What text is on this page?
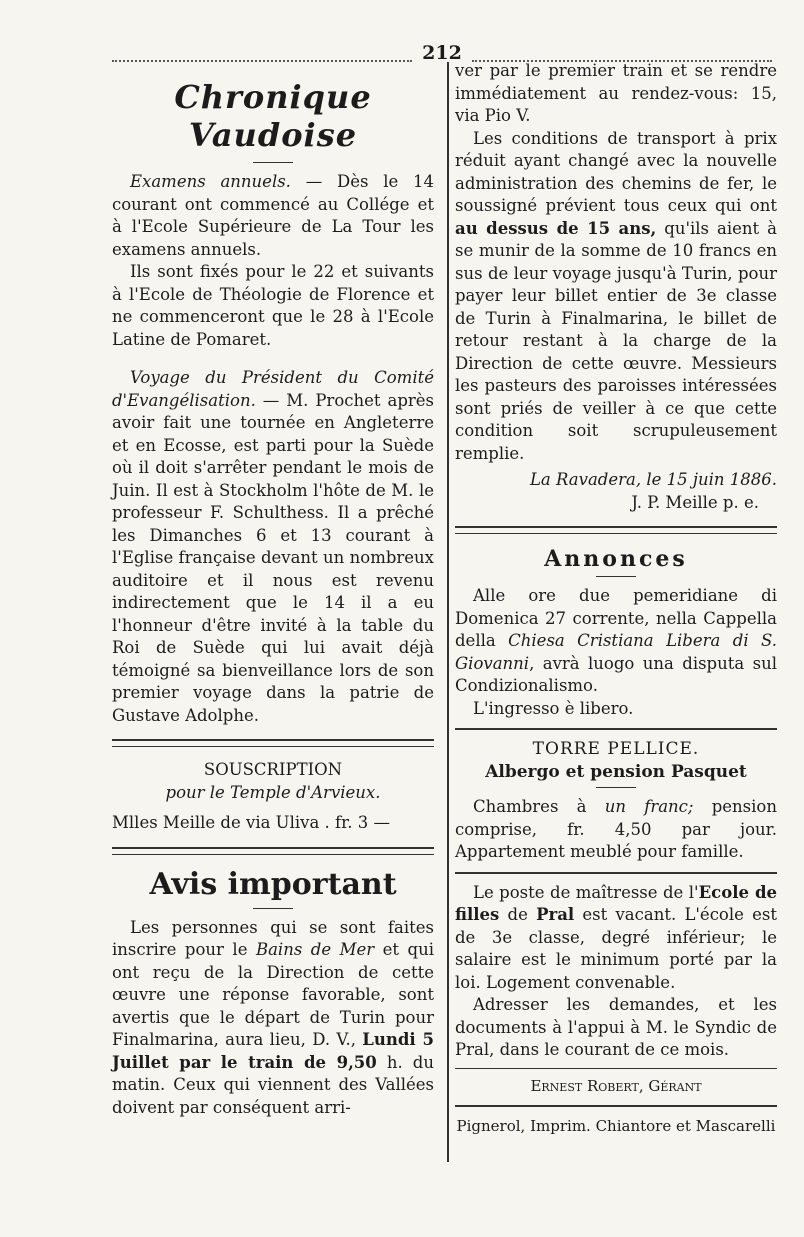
212
Chronique Vaudoise

Examens annuels. — Dès le 14 courant ont commencé au Collége et à l'Ecole Supérieure de La Tour les examens annuels.

Ils sont fixés pour le 22 et suivants à l'Ecole de Théologie de Florence et ne commenceront que le 28 à l'Ecole Latine de Pomaret.

Voyage du Président du Comité d'Evangélisation. — M. Prochet après avoir fait une tournée en Angleterre et en Ecosse, est parti pour la Suède où il doit s'arrêter pendant le mois de Juin. Il est à Stockholm l'hôte de M. le professeur F. Schulthess. Il a prêché les Dimanches 6 et 13 courant à l'Eglise française devant un nombreux auditoire et il nous est revenu indirectement que le 14 il a eu l'honneur d'être invité à la table du Roi de Suède qui lui avait déjà témoigné sa bienveillance lors de son premier voyage dans la patrie de Gustave Adolphe.

SOUSCRIPTION
pour le Temple d'Arvieux.
Mlles Meille de via Uliva . fr. 3 —
Avis important

Les personnes qui se sont faites inscrire pour le Bains de Mer et qui ont reçu de la Direction de cette œuvre une réponse favorable, sont avertis que le départ de Turin pour Finalmarina, aura lieu, D. V., Lundi 5 Juillet par le train de 9,50 h. du matin. Ceux qui viennent des Vallées doivent par conséquent arri-

ver par le premier train et se rendre immédiatement au rendez-vous: 15, via Pio V.

Les conditions de transport à prix réduit ayant changé avec la nouvelle administration des chemins de fer, le soussigné prévient tous ceux qui ont au dessus de 15 ans, qu'ils aient à se munir de la somme de 10 francs en sus de leur voyage jusqu'à Turin, pour payer leur billet entier de 3e classe de Turin à Finalmarina, le billet de retour restant à la charge de la Direction de cette œuvre. Messieurs les pasteurs des paroisses intéressées sont priés de veiller à ce que cette condition soit scrupuleusement remplie.

La Ravadera, le 15 juin 1886.
J. P. Meille p. e.
Annonces

Alle ore due pemeridiane di Domenica 27 corrente, nella Cappella della Chiesa Cristiana Libera di S. Giovanni, avrà luogo una disputa sul Condizionalismo.

L'ingresso è libero.

TORRE PELLICE.
Albergo et pension Pasquet

Chambres à un franc; pension comprise, fr. 4,50 par jour. Appartement meublé pour famille.

Le poste de maîtresse de l'Ecole de filles de Pral est vacant. L'école est de 3e classe, degré inférieur; le salaire est le minimum porté par la loi. Logement convenable.

Adresser les demandes, et les documents à l'appui à M. le Syndic de Pral, dans le courant de ce mois.

Ernest Robert, Gérant
Pignerol, Imprim. Chiantore et Mascarelli
